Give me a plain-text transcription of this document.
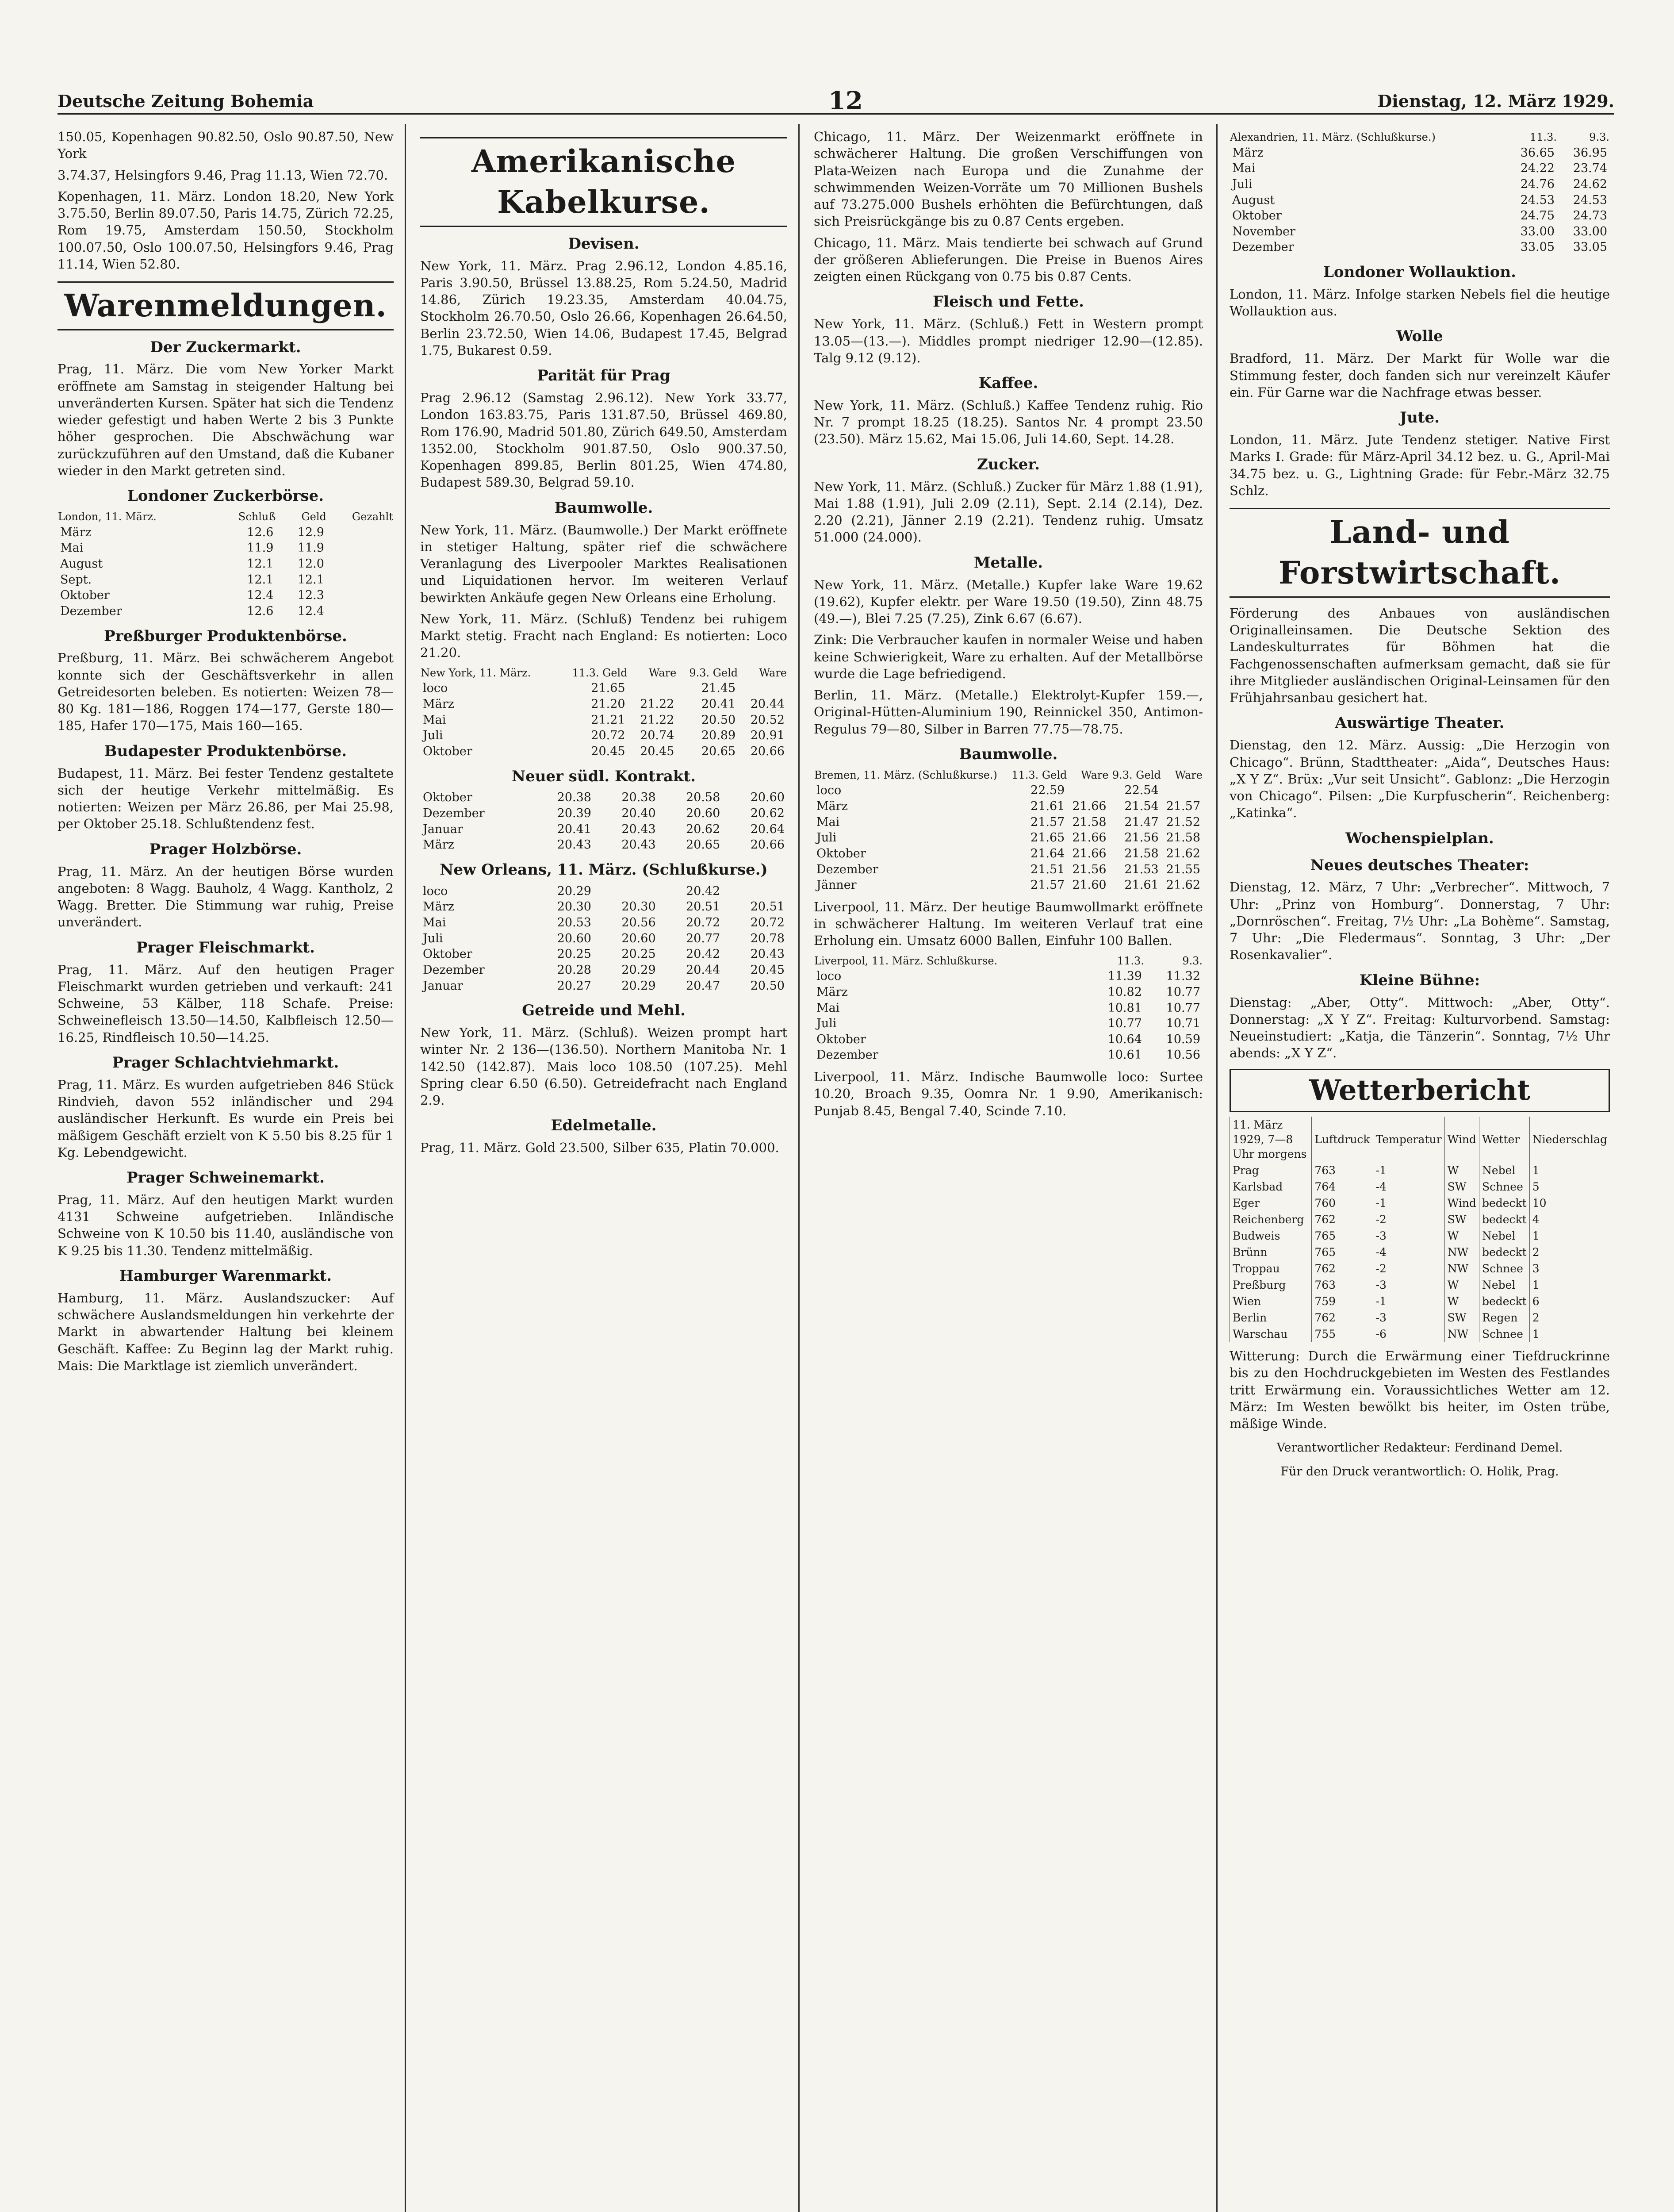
Deutsche Zeitung Bohemia	12	Dienstag, 12. März 1929.

150.05, Kopenhagen 90.82.50, Oslo 90.87.50, New York

3.74.37, Helsingfors 9.46, Prag 11.13, Wien 72.70.

Kopenhagen, 11. März. London 18.20, New York 3.75.50, Berlin 89.07.50, Paris 14.75, Zürich 72.25, Rom 19.75, Amsterdam 150.50, Stockholm 100.07.50, Oslo 100.07.50, Helsingfors 9.46, Prag 11.14, Wien 52.80.

Warenmeldungen.
Der Zuckermarkt.

Prag, 11. März. Die vom New Yorker Markt eröffnete am Samstag in steigender Haltung bei unveränderten Kursen. Später hat sich die Tendenz wieder gefestigt und haben Werte 2 bis 3 Punkte höher gesprochen. Die Abschwächung war zurückzuführen auf den Umstand, daß die Kubaner wieder in den Markt getreten sind.

Londoner Zuckerbörse.
London, 11. März.	Schluß	Geld	Gezahlt
März	12.6	12.9	
Mai	11.9	11.9	
August	12.1	12.0	
Sept.	12.1	12.1	
Oktober	12.4	12.3	
Dezember	12.6	12.4	
Preßburger Produktenbörse.

Preßburg, 11. März. Bei schwächerem Angebot konnte sich der Geschäftsverkehr in allen Getreidesorten beleben. Es notierten: Weizen 78—80 Kg. 181—186, Roggen 174—177, Gerste 180—185, Hafer 170—175, Mais 160—165.

Budapester Produktenbörse.

Budapest, 11. März. Bei fester Tendenz gestaltete sich der heutige Verkehr mittelmäßig. Es notierten: Weizen per März 26.86, per Mai 25.98, per Oktober 25.18. Schlußtendenz fest.

Prager Holzbörse.

Prag, 11. März. An der heutigen Börse wurden angeboten: 8 Wagg. Bauholz, 4 Wagg. Kantholz, 2 Wagg. Bretter. Die Stimmung war ruhig, Preise unverändert.

Prager Fleischmarkt.

Prag, 11. März. Auf den heutigen Prager Fleischmarkt wurden getrieben und verkauft: 241 Schweine, 53 Kälber, 118 Schafe. Preise: Schweinefleisch 13.50—14.50, Kalbfleisch 12.50—16.25, Rindfleisch 10.50—14.25.

Prager Schlachtviehmarkt.

Prag, 11. März. Es wurden aufgetrieben 846 Stück Rindvieh, davon 552 inländischer und 294 ausländischer Herkunft. Es wurde ein Preis bei mäßigem Geschäft erzielt von K 5.50 bis 8.25 für 1 Kg. Lebendgewicht.

Prager Schweinemarkt.

Prag, 11. März. Auf den heutigen Markt wurden 4131 Schweine aufgetrieben. Inländische Schweine von K 10.50 bis 11.40, ausländische von K 9.25 bis 11.30. Tendenz mittelmäßig.

Hamburger Warenmarkt.

Hamburg, 11. März. Auslandszucker: Auf schwächere Auslandsmeldungen hin verkehrte der Markt in abwartender Haltung bei kleinem Geschäft. Kaffee: Zu Beginn lag der Markt ruhig. Mais: Die Marktlage ist ziemlich unverändert.

Amerikanische Kabelkurse.
Devisen.

New York, 11. März. Prag 2.96.12, London 4.85.16, Paris 3.90.50, Brüssel 13.88.25, Rom 5.24.50, Madrid 14.86, Zürich 19.23.35, Amsterdam 40.04.75, Stockholm 26.70.50, Oslo 26.66, Kopenhagen 26.64.50, Berlin 23.72.50, Wien 14.06, Budapest 17.45, Belgrad 1.75, Bukarest 0.59.

Parität für Prag

Prag 2.96.12 (Samstag 2.96.12). New York 33.77, London 163.83.75, Paris 131.87.50, Brüssel 469.80, Rom 176.90, Madrid 501.80, Zürich 649.50, Amsterdam 1352.00, Stockholm 901.87.50, Oslo 900.37.50, Kopenhagen 899.85, Berlin 801.25, Wien 474.80, Budapest 589.30, Belgrad 59.10.

Baumwolle.

New York, 11. März. (Baumwolle.) Der Markt eröffnete in stetiger Haltung, später rief die schwächere Veranlagung des Liverpooler Marktes Realisationen und Liquidationen hervor. Im weiteren Verlauf bewirkten Ankäufe gegen New Orleans eine Erholung.

New York, 11. März. (Schluß) Tendenz bei ruhigem Markt stetig. Fracht nach England: Es notierten: Loco 21.20.

New York, 11. März.	11.3. Geld	Ware	9.3. Geld	Ware
loco	21.65		21.45	
März	21.20	21.22	20.41	20.44
Mai	21.21	21.22	20.50	20.52
Juli	20.72	20.74	20.89	20.91
Oktober	20.45	20.45	20.65	20.66
Neuer südl. Kontrakt.
Oktober	20.38	20.38	20.58	20.60
Dezember	20.39	20.40	20.60	20.62
Januar	20.41	20.43	20.62	20.64
März	20.43	20.43	20.65	20.66
New Orleans, 11. März. (Schlußkurse.)
loco	20.29		20.42	
März	20.30	20.30	20.51	20.51
Mai	20.53	20.56	20.72	20.72
Juli	20.60	20.60	20.77	20.78
Oktober	20.25	20.25	20.42	20.43
Dezember	20.28	20.29	20.44	20.45
Januar	20.27	20.29	20.47	20.50
Getreide und Mehl.

New York, 11. März. (Schluß). Weizen prompt hart winter Nr. 2 136—(136.50). Northern Manitoba Nr. 1 142.50 (142.87). Mais loco 108.50 (107.25). Mehl Spring clear 6.50 (6.50). Getreidefracht nach England 2.9.

Edelmetalle.

Prag, 11. März. Gold 23.500, Silber 635, Platin 70.000.

Chicago, 11. März. Der Weizenmarkt eröffnete in schwächerer Haltung. Die großen Verschiffungen von Plata-Weizen nach Europa und die Zunahme der schwimmenden Weizen-Vorräte um 70 Millionen Bushels auf 73.275.000 Bushels erhöhten die Befürchtungen, daß sich Preisrückgänge bis zu 0.87 Cents ergeben.

Chicago, 11. März. Mais tendierte bei schwach auf Grund der größeren Ablieferungen. Die Preise in Buenos Aires zeigten einen Rückgang von 0.75 bis 0.87 Cents.

Fleisch und Fette.

New York, 11. März. (Schluß.) Fett in Western prompt 13.05—(13.—). Middles prompt niedriger 12.90—(12.85). Talg 9.12 (9.12).

Kaffee.

New York, 11. März. (Schluß.) Kaffee Tendenz ruhig. Rio Nr. 7 prompt 18.25 (18.25). Santos Nr. 4 prompt 23.50 (23.50). März 15.62, Mai 15.06, Juli 14.60, Sept. 14.28.

Zucker.

New York, 11. März. (Schluß.) Zucker für März 1.88 (1.91), Mai 1.88 (1.91), Juli 2.09 (2.11), Sept. 2.14 (2.14), Dez. 2.20 (2.21), Jänner 2.19 (2.21). Tendenz ruhig. Umsatz 51.000 (24.000).

Metalle.

New York, 11. März. (Metalle.) Kupfer lake Ware 19.62 (19.62), Kupfer elektr. per Ware 19.50 (19.50), Zinn 48.75 (49.—), Blei 7.25 (7.25), Zink 6.67 (6.67).

Zink: Die Verbraucher kaufen in normaler Weise und haben keine Schwierigkeit, Ware zu erhalten. Auf der Metallbörse wurde die Lage befriedigend.

Berlin, 11. März. (Metalle.) Elektrolyt-Kupfer 159.—, Original-Hütten-Aluminium 190, Reinnickel 350, Antimon-Regulus 79—80, Silber in Barren 77.75—78.75.

Baumwolle.
Bremen, 11. März. (Schlußkurse.)	11.3. Geld	Ware	9.3. Geld	Ware
loco	22.59		22.54	
März	21.61	21.66	21.54	21.57
Mai	21.57	21.58	21.47	21.52
Juli	21.65	21.66	21.56	21.58
Oktober	21.64	21.66	21.58	21.62
Dezember	21.51	21.56	21.53	21.55
Jänner	21.57	21.60	21.61	21.62

Liverpool, 11. März. Der heutige Baumwollmarkt eröffnete in schwächerer Haltung. Im weiteren Verlauf trat eine Erholung ein. Umsatz 6000 Ballen, Einfuhr 100 Ballen.

Liverpool, 11. März. Schlußkurse.	11.3.	9.3.
loco	11.39	11.32
März	10.82	10.77
Mai	10.81	10.77
Juli	10.77	10.71
Oktober	10.64	10.59
Dezember	10.61	10.56

Liverpool, 11. März. Indische Baumwolle loco: Surtee 10.20, Broach 9.35, Oomra Nr. 1 9.90, Amerikanisch: Punjab 8.45, Bengal 7.40, Scinde 7.10.

Alexandrien, 11. März. (Schlußkurse.)	11.3.	9.3.
März	36.65	36.95
Mai	24.22	23.74
Juli	24.76	24.62
August	24.53	24.53
Oktober	24.75	24.73
November	33.00	33.00
Dezember	33.05	33.05
Londoner Wollauktion.

London, 11. März. Infolge starken Nebels fiel die heutige Wollauktion aus.

Wolle

Bradford, 11. März. Der Markt für Wolle war die Stimmung fester, doch fanden sich nur vereinzelt Käufer ein. Für Garne war die Nachfrage etwas besser.

Jute.

London, 11. März. Jute Tendenz stetiger. Native First Marks I. Grade: für März-April 34.12 bez. u. G., April-Mai 34.75 bez. u. G., Lightning Grade: für Febr.-März 32.75 Schlz.

Land- und Forstwirtschaft.

Förderung des Anbaues von ausländischen Originalleinsamen. Die Deutsche Sektion des Landeskulturrates für Böhmen hat die Fachgenossenschaften aufmerksam gemacht, daß sie für ihre Mitglieder ausländischen Original-Leinsamen für den Frühjahrsanbau gesichert hat.

Auswärtige Theater.

Dienstag, den 12. März. Aussig: „Die Herzogin von Chicago“. Brünn, Stadttheater: „Aida“, Deutsches Haus: „X Y Z“. Brüx: „Vur seit Unsicht“. Gablonz: „Die Herzogin von Chicago“. Pilsen: „Die Kurpfuscherin“. Reichenberg: „Katinka“.

Wochenspielplan.
Neues deutsches Theater:

Dienstag, 12. März, 7 Uhr: „Verbrecher“. Mittwoch, 7 Uhr: „Prinz von Homburg“. Donnerstag, 7 Uhr: „Dornröschen“. Freitag, 7½ Uhr: „La Bohème“. Samstag, 7 Uhr: „Die Fledermaus“. Sonntag, 3 Uhr: „Der Rosenkavalier“.

Kleine Bühne:

Dienstag: „Aber, Otty“. Mittwoch: „Aber, Otty“. Donnerstag: „X Y Z“. Freitag: Kulturvorbend. Samstag: Neueinstudiert: „Katja, die Tänzerin“. Sonntag, 7½ Uhr abends: „X Y Z“.

Wetterbericht
11. März 1929, 7—8 Uhr morgens	Luftdruck	Temperatur	Wind	Wetter	Niederschlag
Prag	763	-1	W	Nebel	1
Karlsbad	764	-4	SW	Schnee	5
Eger	760	-1	Wind	bedeckt	10
Reichenberg	762	-2	SW	bedeckt	4
Budweis	765	-3	W	Nebel	1
Brünn	765	-4	NW	bedeckt	2
Troppau	762	-2	NW	Schnee	3
Preßburg	763	-3	W	Nebel	1
Wien	759	-1	W	bedeckt	6
Berlin	762	-3	SW	Regen	2
Warschau	755	-6	NW	Schnee	1

Witterung: Durch die Erwärmung einer Tiefdruckrinne bis zu den Hochdruckgebieten im Westen des Festlandes tritt Erwärmung ein. Voraussichtliches Wetter am 12. März: Im Westen bewölkt bis heiter, im Osten trübe, mäßige Winde.

Verantwortlicher Redakteur: Ferdinand Demel.
Für den Druck verantwortlich: O. Holik, Prag.
